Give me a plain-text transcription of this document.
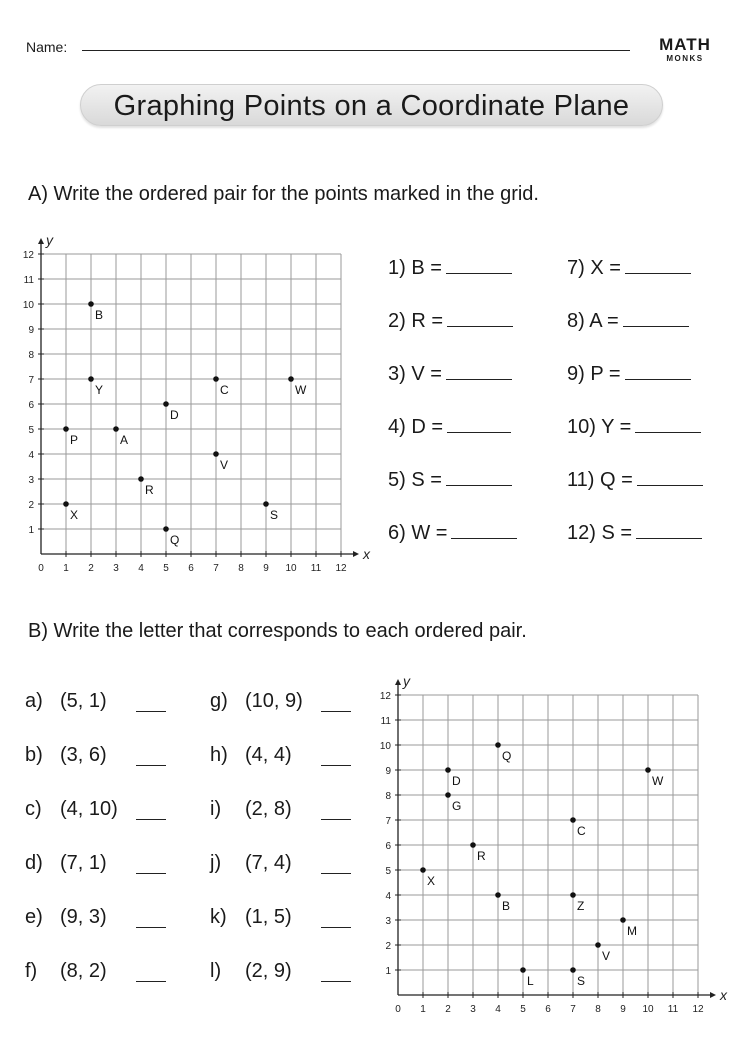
Name:	MATH
MONKS
Graphing Points on a Coordinate Plane
A) Write the ordered pair for the points marked in the grid.
x
y
0 1 2 3 4 5 6 7 8 9 10 11 12
1
2
3
4
5
6
7
8
9
10
11
12
B
Y	C	W
D
P	A
V
R
X	S
Q
1) B =
2) R =
3) V =
4) D =
5) S =
6) W =
7) X =
8) A =
9) P =
10) Y =
11) Q =
12) S =
B) Write the letter that corresponds to each ordered pair.
a) (5, 1)
b) (3, 6)
c) (4, 10)
d) (7, 1)
e) (9, 3)
f) (8, 2)
g) (10, 9)
h) (4, 4)
i) (2, 8)
j) (7, 4)
k) (1, 5)
l) (2, 9)
x
y
0 1 2 3 4 5 6 7 8 9 10 11 12
1
2
3
4
5
6
7
8
9
10
11
12
Q
D	W
G
C
R
X
B	Z
M
V
L	S
